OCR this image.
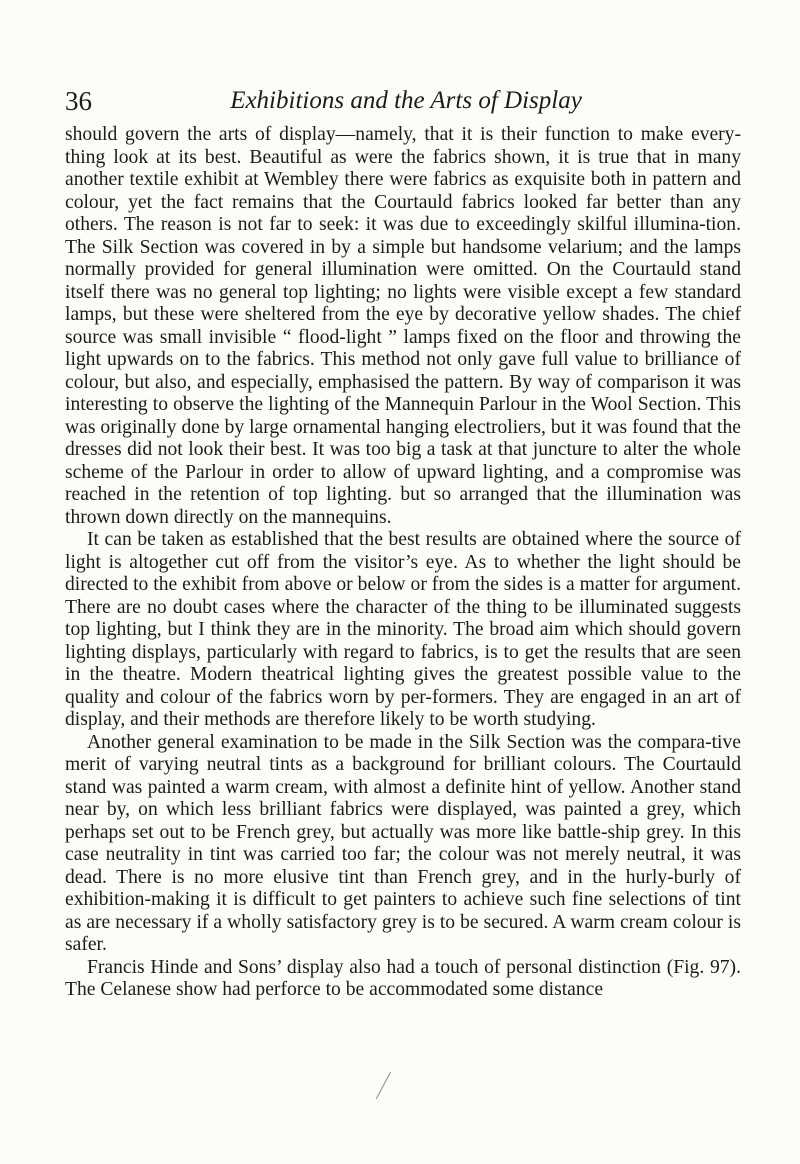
36	Exhibitions and the Arts of Display

should govern the arts of display—namely, that it is their function to make every-thing look at its best. Beautiful as were the fabrics shown, it is true that in many another textile exhibit at Wembley there were fabrics as exquisite both in pattern and colour, yet the fact remains that the Courtauld fabrics looked far better than any others. The reason is not far to seek: it was due to exceedingly skilful illumina-tion. The Silk Section was covered in by a simple but handsome velarium; and the lamps normally provided for general illumination were omitted. On the Courtauld stand itself there was no general top lighting; no lights were visible except a few standard lamps, but these were sheltered from the eye by decorative yellow shades. The chief source was small invisible “ flood-light ” lamps fixed on the floor and throwing the light upwards on to the fabrics. This method not only gave full value to brilliance of colour, but also, and especially, emphasised the pattern. By way of comparison it was interesting to observe the lighting of the Mannequin Parlour in the Wool Section. This was originally done by large ornamental hanging electroliers, but it was found that the dresses did not look their best. It was too big a task at that juncture to alter the whole scheme of the Parlour in order to allow of upward lighting, and a compromise was reached in the retention of top lighting. but so arranged that the illumination was thrown down directly on the mannequins.

It can be taken as established that the best results are obtained where the source of light is altogether cut off from the visitor’s eye. As to whether the light should be directed to the exhibit from above or below or from the sides is a matter for argument. There are no doubt cases where the character of the thing to be illuminated suggests top lighting, but I think they are in the minority. The broad aim which should govern lighting displays, particularly with regard to fabrics, is to get the results that are seen in the theatre. Modern theatrical lighting gives the greatest possible value to the quality and colour of the fabrics worn by per-formers. They are engaged in an art of display, and their methods are therefore likely to be worth studying.

Another general examination to be made in the Silk Section was the compara-tive merit of varying neutral tints as a background for brilliant colours. The Courtauld stand was painted a warm cream, with almost a definite hint of yellow. Another stand near by, on which less brilliant fabrics were displayed, was painted a grey, which perhaps set out to be French grey, but actually was more like battle-ship grey. In this case neutrality in tint was carried too far; the colour was not merely neutral, it was dead. There is no more elusive tint than French grey, and in the hurly-burly of exhibition-making it is difficult to get painters to achieve such fine selections of tint as are necessary if a wholly satisfactory grey is to be secured. A warm cream colour is safer.

Francis Hinde and Sons’ display also had a touch of personal distinction (Fig. 97). The Celanese show had perforce to be accommodated some distance
